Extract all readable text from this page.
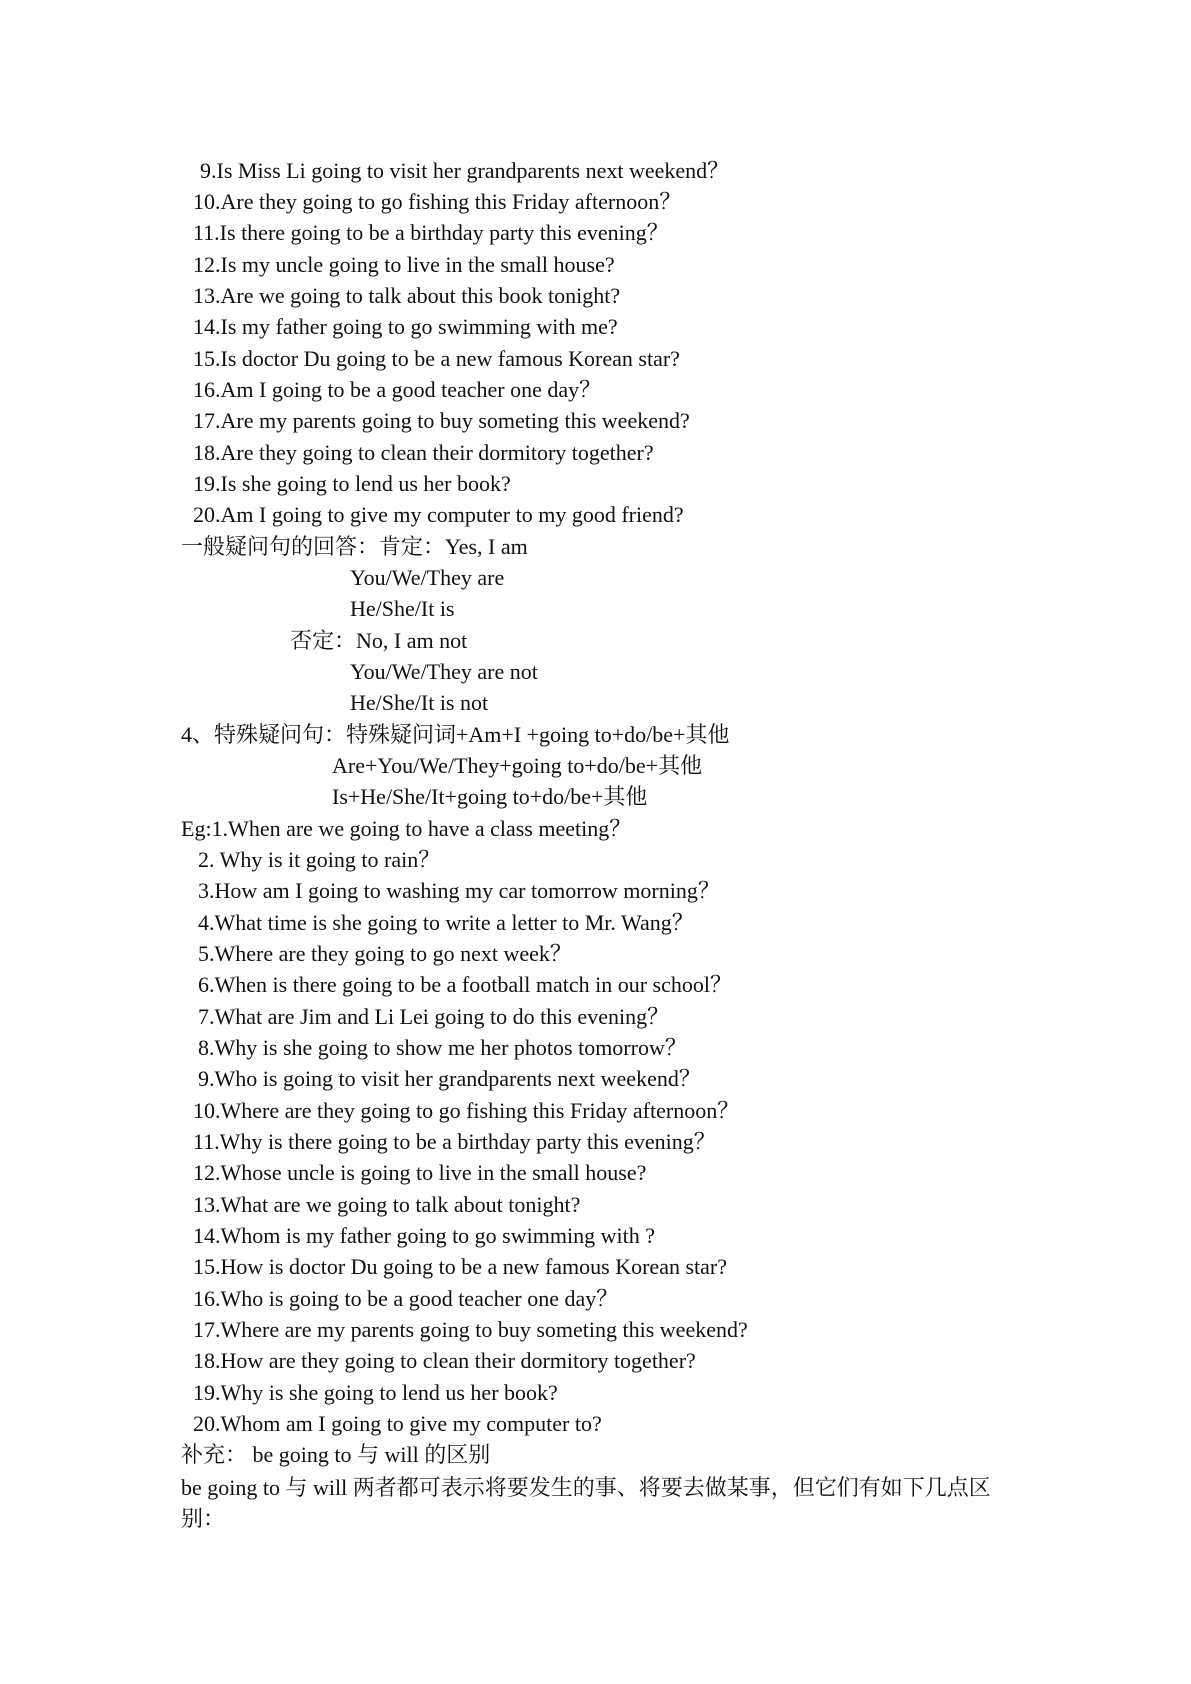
9.Is Miss Li going to visit her grandparents next weekend？
10.Are they going to go fishing this Friday afternoon？
11.Is there going to be a birthday party this evening？
12.Is my uncle going to live in the small house?
13.Are we going to talk about this book tonight?
14.Is my father going to go swimming with me?
15.Is doctor Du going to be a new famous Korean star?
16.Am I going to be a good teacher one day？
17.Are my parents going to buy someting this weekend?
18.Are they going to clean their dormitory together?
19.Is she going to lend us her book?
20.Am I going to give my computer to my good friend?
一般疑问句的回答：肯定：Yes, I am
You/We/They are
He/She/It is
否定：No, I am not
You/We/They are not
He/She/It is not
4、特殊疑问句：特殊疑问词+Am+I +going to+do/be+其他
Are+You/We/They+going to+do/be+其他
Is+He/She/It+going to+do/be+其他
Eg:1.When are we going to have a class meeting？
2. Why is it going to rain？
3.How am I going to washing my car tomorrow morning？
4.What time is she going to write a letter to Mr. Wang？
5.Where are they going to go next week？
6.When is there going to be a football match in our school？
7.What are Jim and Li Lei going to do this evening？
8.Why is she going to show me her photos tomorrow？
9.Who is going to visit her grandparents next weekend？
10.Where are they going to go fishing this Friday afternoon？
11.Why is there going to be a birthday party this evening？
12.Whose uncle is going to live in the small house?
13.What are we going to talk about tonight?
14.Whom is my father going to go swimming with ?
15.How is doctor Du going to be a new famous Korean star?
16.Who is going to be a good teacher one day？
17.Where are my parents going to buy someting this weekend?
18.How are they going to clean their dormitory together?
19.Why is she going to lend us her book?
20.Whom am I going to give my computer to?
补充： be going to 与 will 的区别
be going to 与 will 两者都可表示将要发生的事、将要去做某事，但它们有如下几点区别：
